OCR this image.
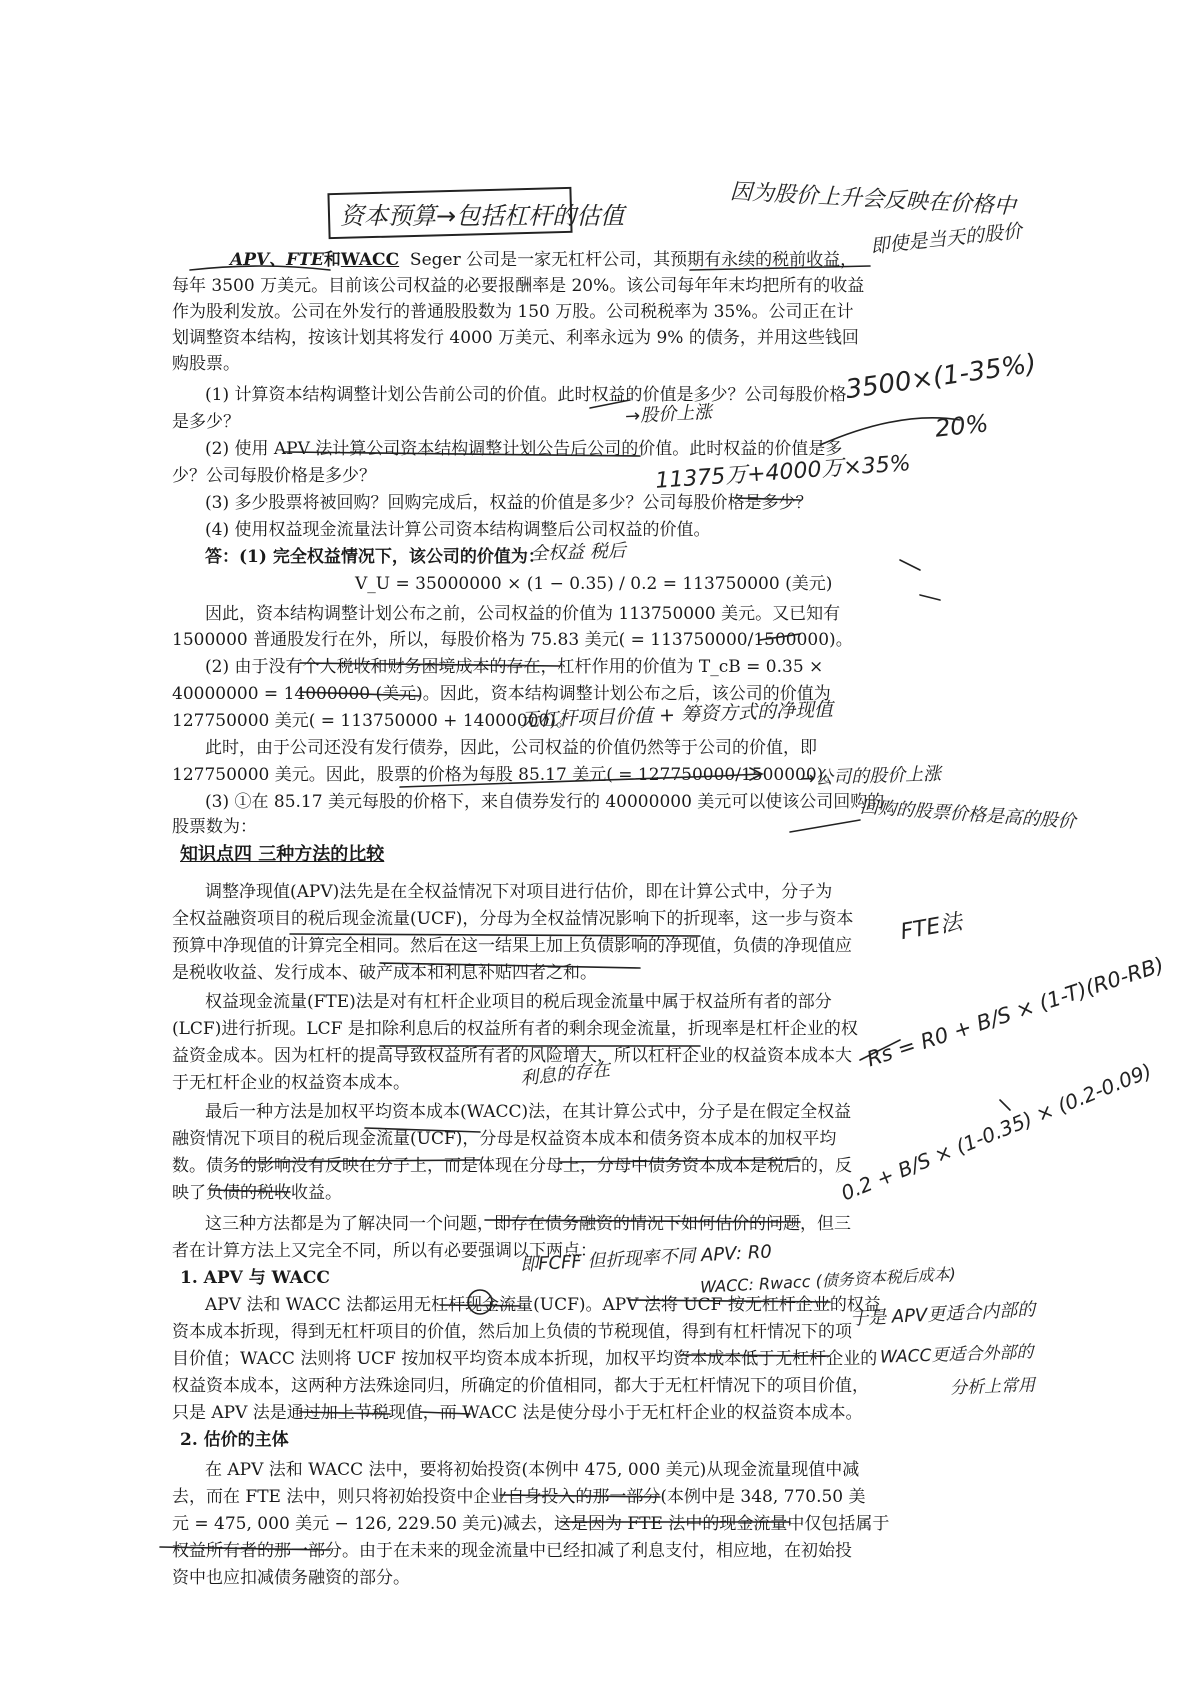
资本预算→包括杠杆的估值	因为股价上升会反映在价格中
即使是当天的股价
APV、FTE和WACC Seger 公司是一家无杠杆公司，其预期有永续的税前收益，
每年 3500 万美元。目前该公司权益的必要报酬率是 20%。该公司每年年末均把所有的收益
作为股利发放。公司在外发行的普通股股数为 150 万股。公司税税率为 35%。公司正在计
划调整资本结构，按该计划其将发行 4000 万美元、利率永远为 9% 的债务，并用这些钱回
购股票。
(1) 计算资本结构调整计划公告前公司的价值。此时权益的价值是多少？公司每股价格
是多少？
(2) 使用 APV 法计算公司资本结构调整计划公告后公司的价值。此时权益的价值是多
少？公司每股价格是多少？
(3) 多少股票将被回购？回购完成后，权益的价值是多少？公司每股价格是多少？
(4) 使用权益现金流量法计算公司资本结构调整后公司权益的价值。
答：(1) 完全权益情况下，该公司的价值为：
V_U = 35000000 × (1 − 0.35) / 0.2 = 113750000 (美元)
因此，资本结构调整计划公布之前，公司权益的价值为 113750000 美元。又已知有
1500000 普通股发行在外，所以，每股价格为 75.83 美元( = 113750000/1500000)。
(2) 由于没有个人税收和财务困境成本的存在，杠杆作用的价值为 T_cB = 0.35 ×
40000000 = 14000000 (美元)。因此，资本结构调整计划公布之后，该公司的价值为
127750000 美元( = 113750000 + 14000000)。
此时，由于公司还没有发行债券，因此，公司权益的价值仍然等于公司的价值，即
127750000 美元。因此，股票的价格为每股 85.17 美元( = 127750000/1500000)。
(3) ①在 85.17 美元每股的价格下，来自债券发行的 40000000 美元可以使该公司回购的
股票数为：
知识点四 三种方法的比较
调整净现值(APV)法先是在全权益情况下对项目进行估价，即在计算公式中，分子为
全权益融资项目的税后现金流量(UCF)，分母为全权益情况影响下的折现率，这一步与资本
预算中净现值的计算完全相同。然后在这一结果上加上负债影响的净现值，负债的净现值应
是税收收益、发行成本、破产成本和利息补贴四者之和。
权益现金流量(FTE)法是对有杠杆企业项目的税后现金流量中属于权益所有者的部分
(LCF)进行折现。LCF 是扣除利息后的权益所有者的剩余现金流量，折现率是杠杆企业的权
益资金成本。因为杠杆的提高导致权益所有者的风险增大，所以杠杆企业的权益资本成本大
于无杠杆企业的权益资本成本。
最后一种方法是加权平均资本成本(WACC)法，在其计算公式中，分子是在假定全权益
融资情况下项目的税后现金流量(UCF)，分母是权益资本成本和债务资本成本的加权平均
数。债务的影响没有反映在分子上，而是体现在分母上，分母中债务资本成本是税后的，反
映了负债的税收收益。
这三种方法都是为了解决同一个问题，即存在债务融资的情况下如何估价的问题，但三
者在计算方法上又完全不同，所以有必要强调以下两点：
1. APV 与 WACC
APV 法和 WACC 法都运用无杠杆现金流量(UCF)。APV 法将 UCF 按无杠杆企业的权益
资本成本折现，得到无杠杆项目的价值，然后加上负债的节税现值，得到有杠杆情况下的项
目价值；WACC 法则将 UCF 按加权平均资本成本折现，加权平均资本成本低于无杠杆企业的
权益资本成本，这两种方法殊途同归，所确定的价值相同，都大于无杠杆情况下的项目价值，
只是 APV 法是通过加上节税现值，而 WACC 法是使分母小于无杠杆企业的权益资本成本。
2. 估价的主体
在 APV 法和 WACC 法中，要将初始投资(本例中 475, 000 美元)从现金流量现值中减
去，而在 FTE 法中，则只将初始投资中企业自身投入的那一部分(本例中是 348, 770.50 美
元 = 475, 000 美元 − 126, 229.50 美元)减去，这是因为 FTE 法中的现金流量中仅包括属于
权益所有者的那一部分。由于在未来的现金流量中已经扣减了利息支付，相应地，在初始投
资中也应扣减债务融资的部分。
3500×(1-35%)
20%
11375万+4000万×35%
→股价上涨
全权益 税后
无杠杆项目价值 + 筹资方式的净现值
→公司的股价上涨
回购的股票价格是高的股价
FTE法
Rs = R0 + B/S × (1-T)(R0-RB)
0.2 + B/S × (1-0.35) × (0.2-0.09)
利息的存在
即FCFF 但折现率不同 APV: R0
WACC: Rwacc (债务资本税后成本)
于是 APV更适合内部的
WACC更适合外部的
分析上常用
